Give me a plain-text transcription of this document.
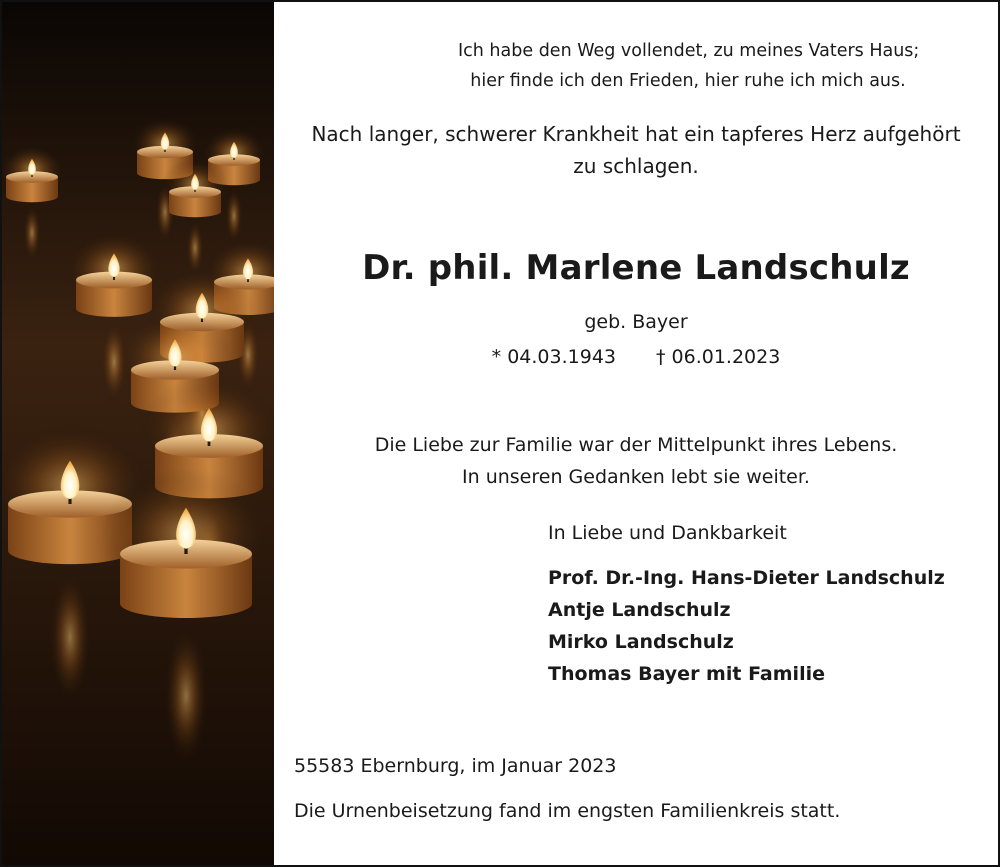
Ich habe den Weg vollendet, zu meines Vaters Haus;
hier finde ich den Frieden, hier ruhe ich mich aus.
Nach langer, schwerer Krankheit hat ein tapferes Herz aufgehört
zu schlagen.
Dr. phil. Marlene Landschulz
geb. Bayer
* 04.03.1943 † 06.01.2023
Die Liebe zur Familie war der Mittelpunkt ihres Lebens.
In unseren Gedanken lebt sie weiter.
In Liebe und Dankbarkeit
Prof. Dr.-Ing. Hans-Dieter Landschulz
Antje Landschulz
Mirko Landschulz
Thomas Bayer mit Familie
55583 Ebernburg, im Januar 2023
Die Urnenbeisetzung fand im engsten Familienkreis statt.
